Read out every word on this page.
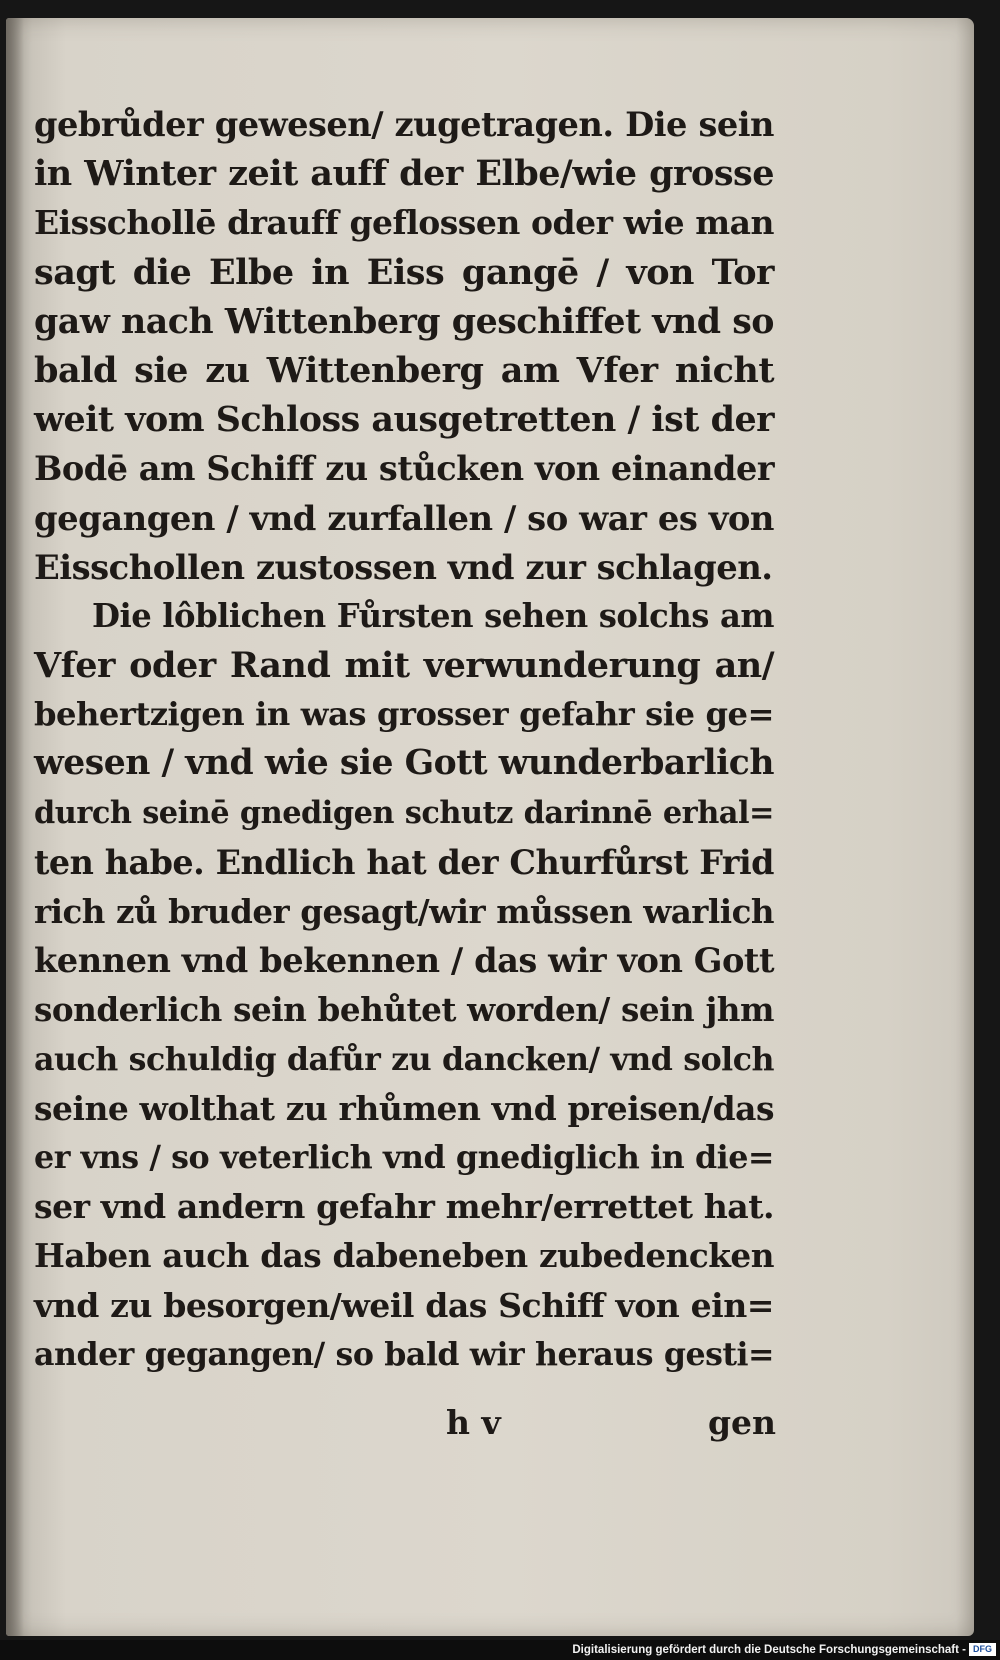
gebrůder gewesen/ zugetragen. Die sein
in Winter zeit auff der Elbe/wie grosse
Eisschollē drauff geflossen oder wie man
sagt die Elbe in Eiss gangē / von Tor
gaw nach Wittenberg geschiffet vnd so
bald sie zu Wittenberg am Vfer nicht
weit vom Schloss ausgetretten / ist der
Bodē am Schiff zu stůcken von einander
gegangen / vnd zurfallen / so war es von
Eisschollen zustossen vnd zur schlagen.
Die lôblichen Fůrsten sehen solchs am
Vfer oder Rand mit verwunderung an/
behertzigen in was grosser gefahr sie ge=
wesen / vnd wie sie Gott wunderbarlich
durch seinē gnedigen schutz darinnē erhal=
ten habe. Endlich hat der Churfůrst Frid
rich zů bruder gesagt/wir můssen warlich
kennen vnd bekennen / das wir von Gott
sonderlich sein behůtet worden/ sein jhm
auch schuldig dafůr zu dancken/ vnd solch
seine wolthat zu rhůmen vnd preisen/das
er vns / so veterlich vnd gnediglich in die=
ser vnd andern gefahr mehr/errettet hat.
Haben auch das dabeneben zubedencken
vnd zu besorgen/weil das Schiff von ein=
ander gegangen/ so bald wir heraus gesti=
h v	gen
Digitalisierung gefördert durch die Deutsche Forschungsgemeinschaft - DFG
